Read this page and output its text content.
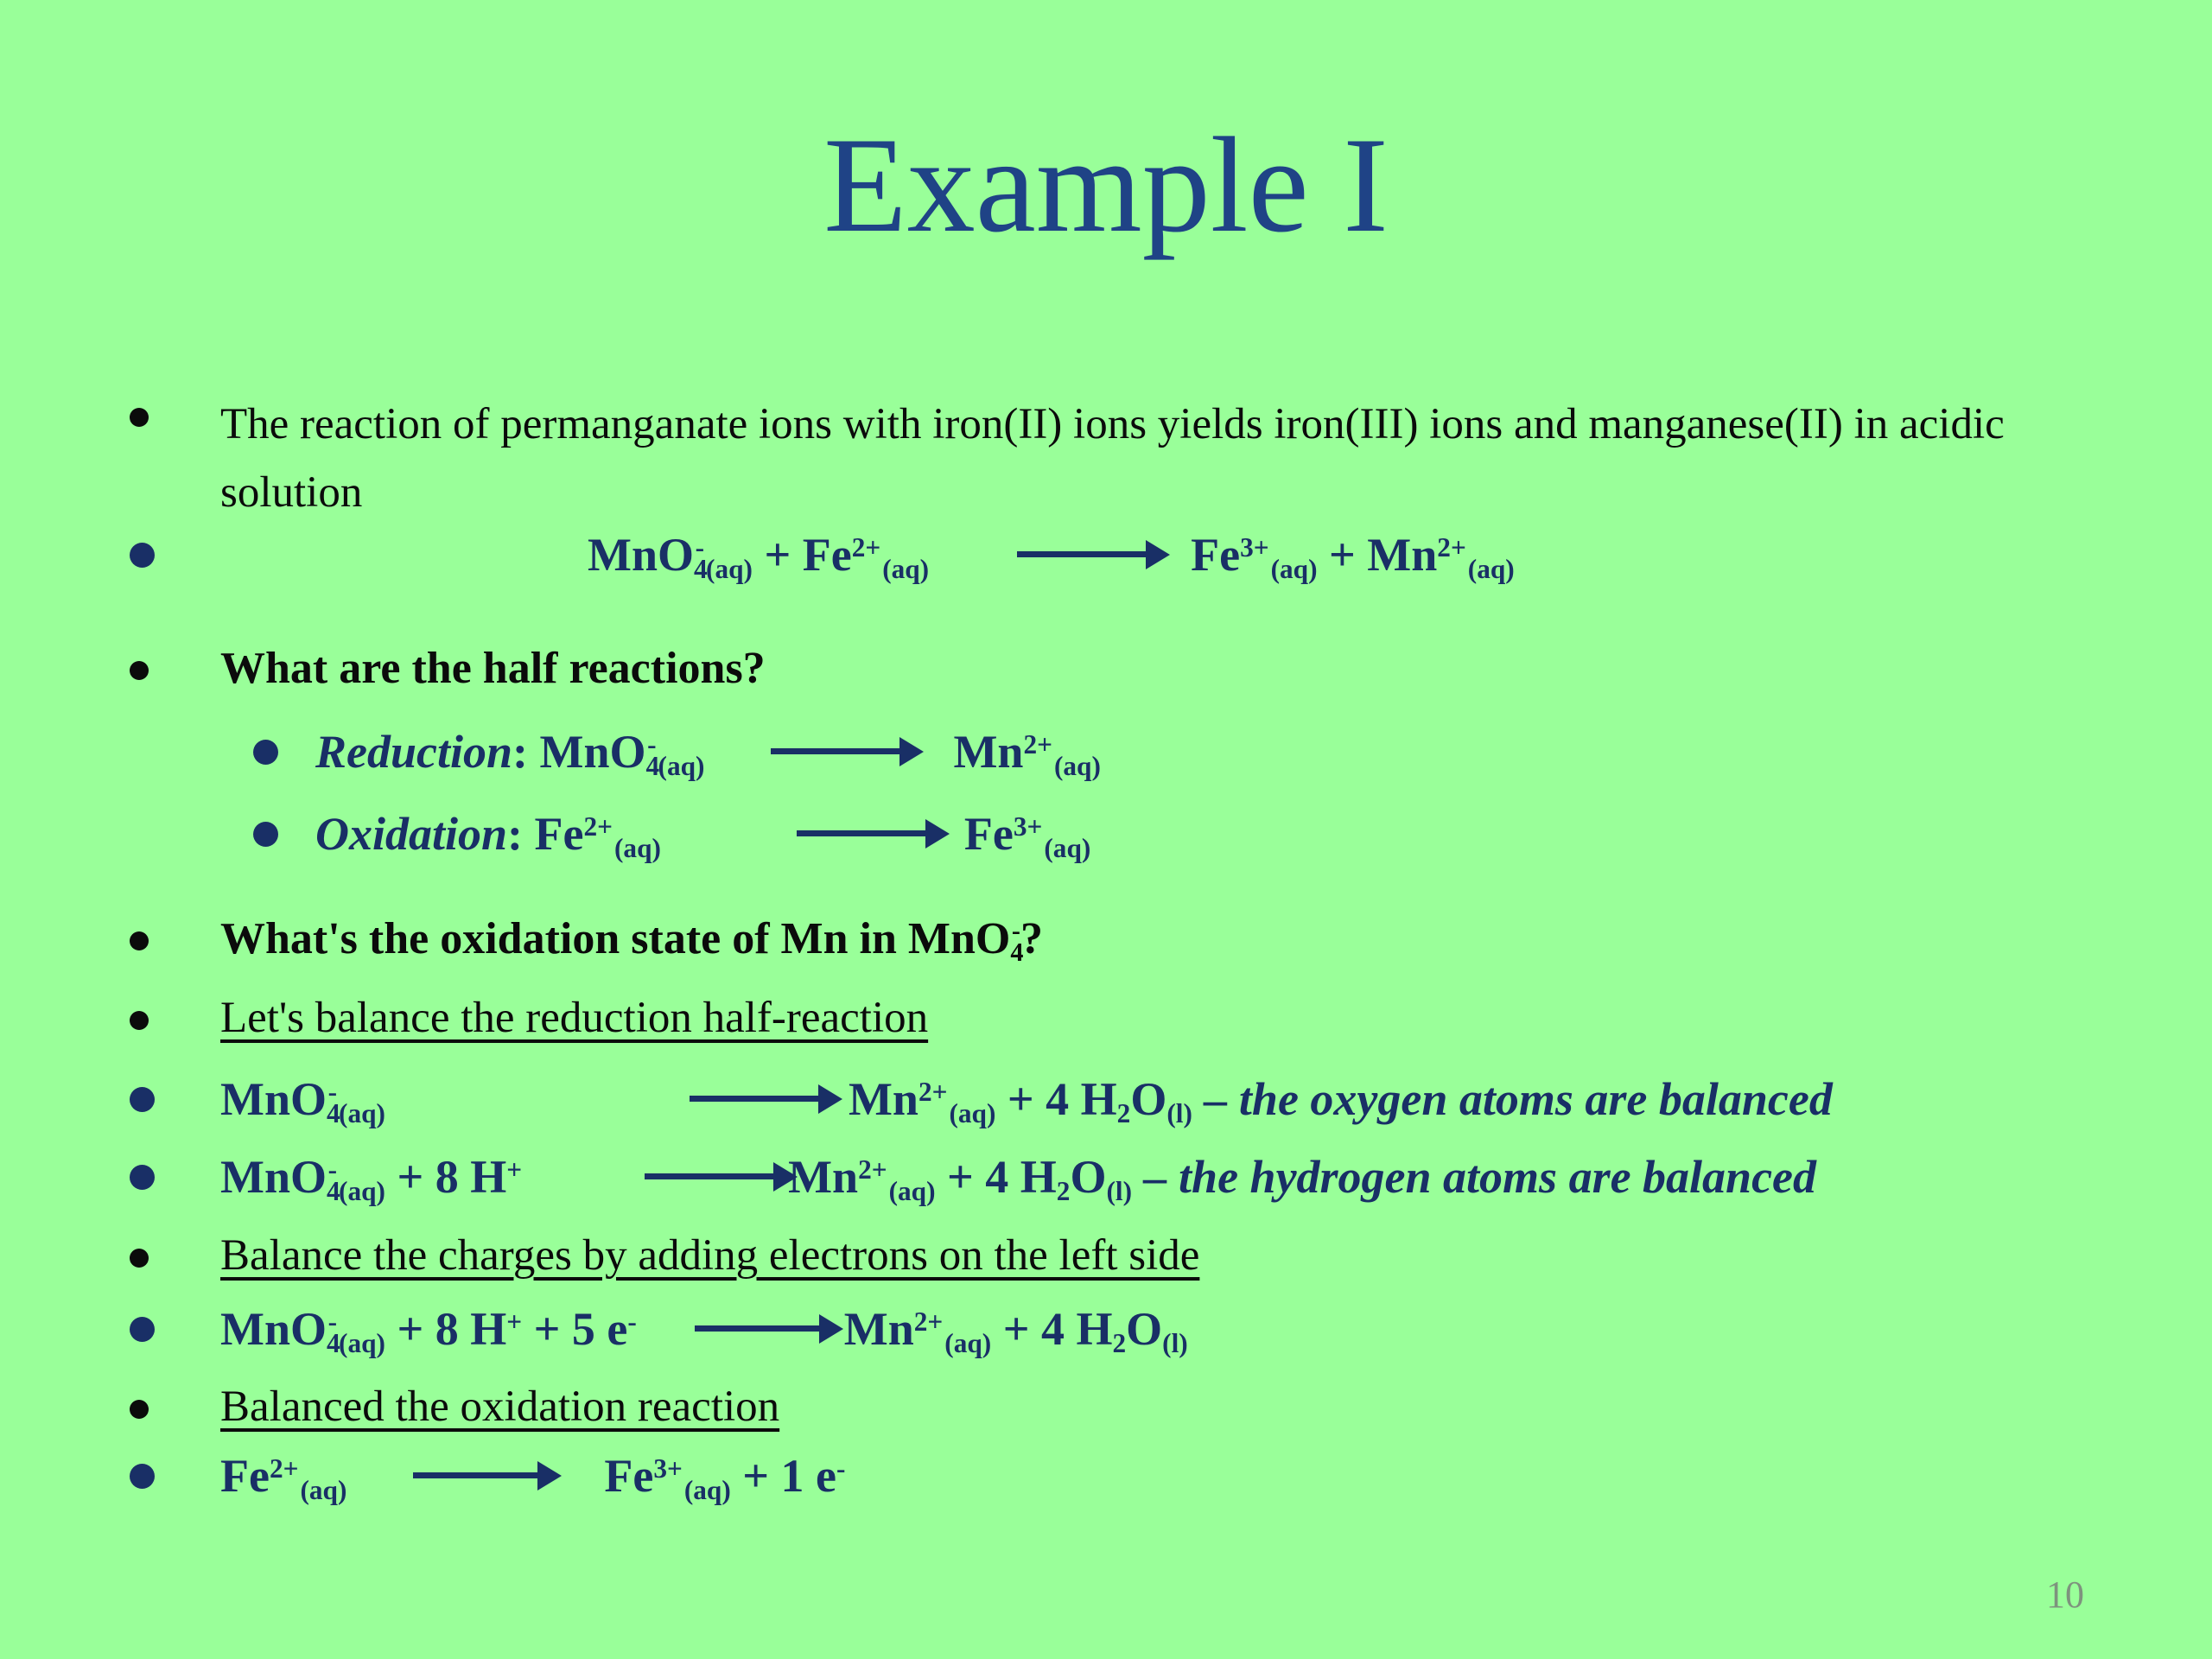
Example I
The reaction of permanganate ions with iron(II) ions yields iron(III) ions and manganese(II) in acidic solution
$MnO4^-(aq) + Fe^{2+}(aq)$	$Fe^{3+}(aq) + Mn^{2+}(aq)$
What are the half reactions?
Reduction: MnO4-(aq)	$Mn^{2+}(aq)$
Oxidation: $Fe^{2+}(aq)$	$Fe^{3+}(aq)$
What's the oxidation state of Mn in MnO4-?
Let's balance the reduction half-reaction
MnO4-(aq)	$Mn^{2+}(aq) + 4$ H2O(l) – the oxygen atoms are balanced
MnO4-(aq) + 8 H+	$Mn^{2+}(aq) + 4$ H2O(l) – the hydrogen atoms are balanced
Balance the charges by adding electrons on the left side
MnO4-(aq) + 8 H+ + 5 e-	$Mn^{2+}(aq) + 4$ H2O(l)
Balanced the oxidation reaction
$Fe^{2+}(aq)$	$Fe^{3+}(aq) + 1$ e-
10
